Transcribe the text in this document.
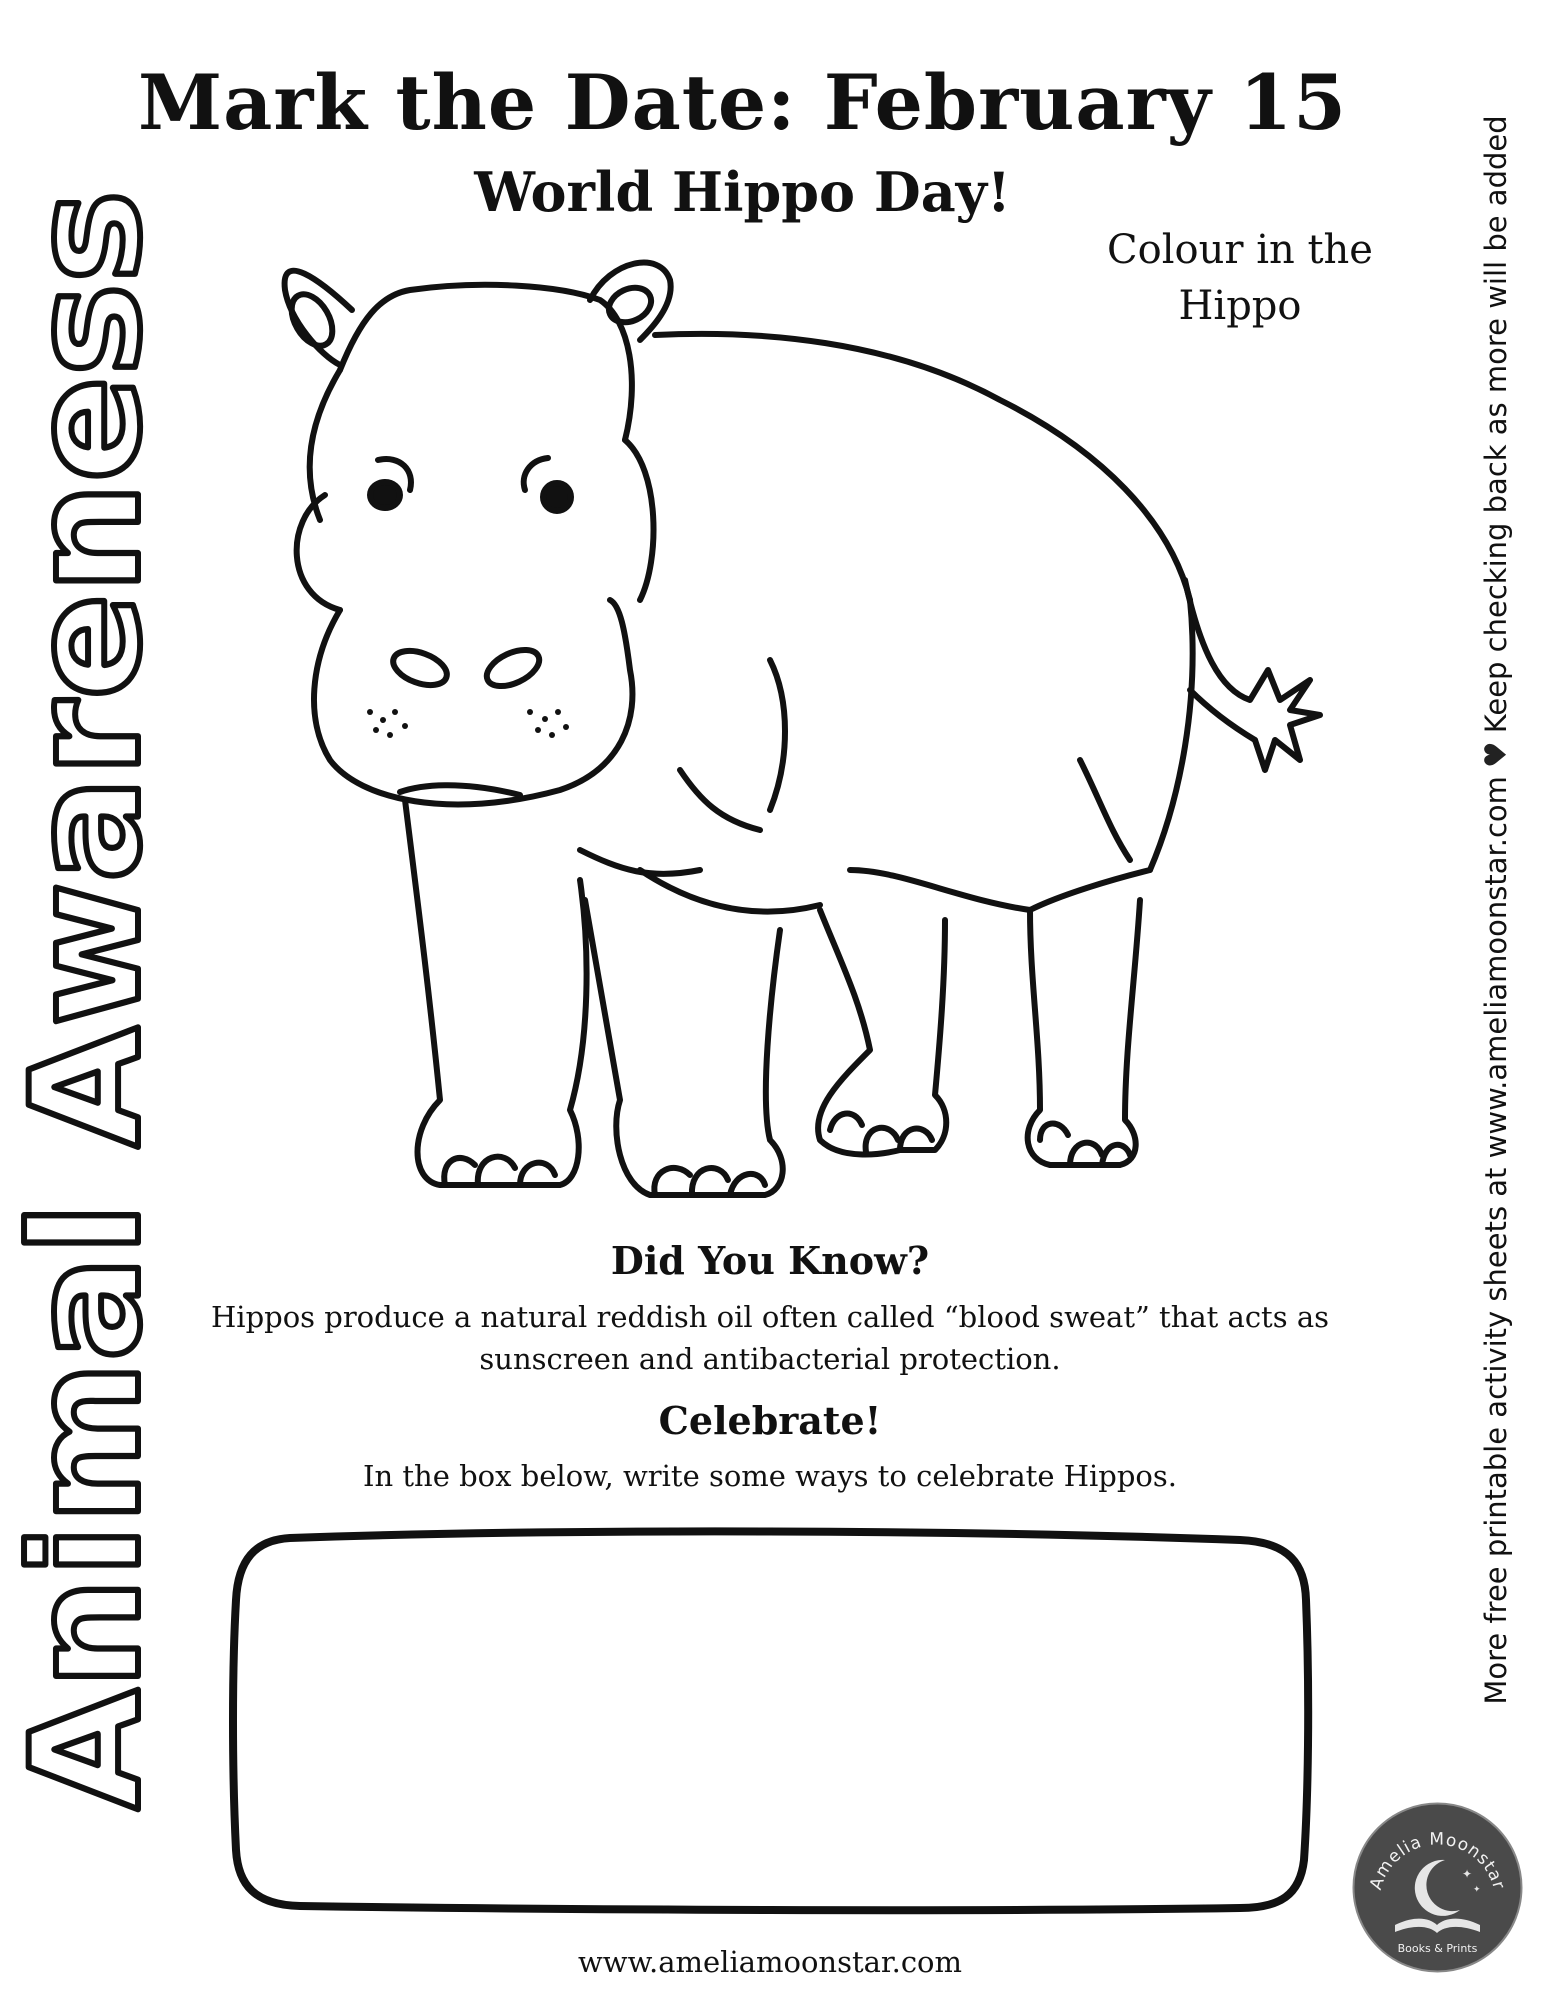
Animal Awareness
Mark the Date: February 15
World Hippo Day!
Colour in the
Hippo
Did You Know?
Hippos produce a natural reddish oil often called “blood sweat” that acts as
sunscreen and antibacterial protection.
Celebrate!
In the box below, write some ways to celebrate Hippos.
www.ameliamoonstar.com
More free printable activity sheets at www.ameliamoonstar.com♥Keep checking back as more will be added
Amelia Moonstar
✦
✦
Books & Prints
